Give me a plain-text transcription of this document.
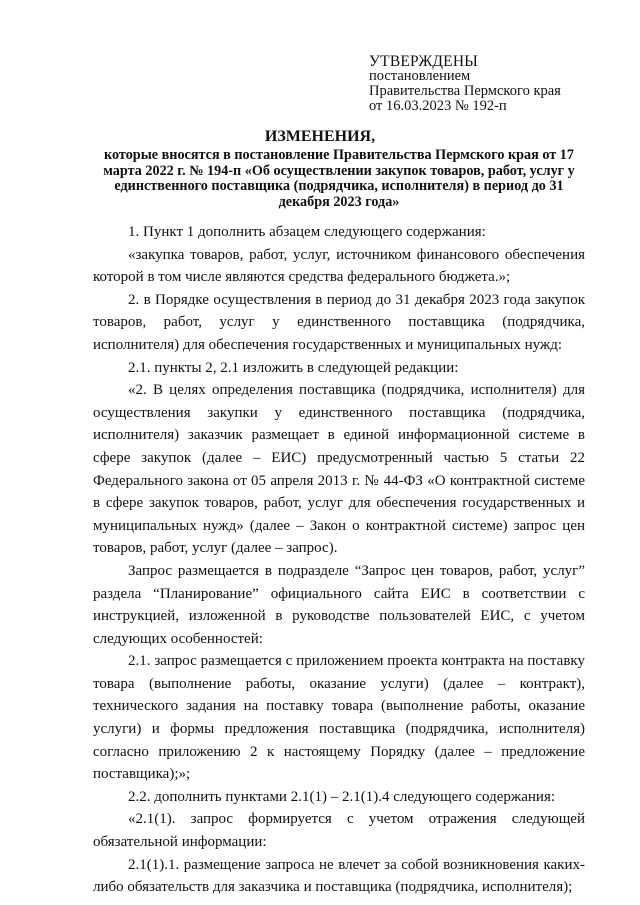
УТВЕРЖДЕНЫ
постановлением
Правительства Пермского края
от 16.03.2023 № 192-п
ИЗМЕНЕНИЯ,
которые вносятся в постановление Правительства Пермского края от 17 марта 2022 г. № 194-п «Об осуществлении закупок товаров, работ, услуг у единственного поставщика (подрядчика, исполнителя) в период до 31 декабря 2023 года»

1. Пункт 1 дополнить абзацем следующего содержания:

«закупка товаров, работ, услуг, источником финансового обеспечения которой в том числе являются средства федерального бюджета.»;

2. в Порядке осуществления в период до 31 декабря 2023 года закупок товаров, работ, услуг у единственного поставщика (подрядчика, исполнителя) для обеспечения государственных и муниципальных нужд:

2.1. пункты 2, 2.1 изложить в следующей редакции:

«2. В целях определения поставщика (подрядчика, исполнителя) для осуществления закупки у единственного поставщика (подрядчика, исполнителя) заказчик размещает в единой информационной системе в сфере закупок (далее – ЕИС) предусмотренный частью 5 статьи 22 Федерального закона от 05 апреля 2013 г. № 44-ФЗ «О контрактной системе в сфере закупок товаров, работ, услуг для обеспечения государственных и муниципальных нужд» (далее – Закон о контрактной системе) запрос цен товаров, работ, услуг (далее – запрос).

Запрос размещается в подразделе “Запрос цен товаров, работ, услуг” раздела “Планирование” официального сайта ЕИС в соответствии с инструкцией, изложенной в руководстве пользователей ЕИС, с учетом следующих особенностей:

2.1. запрос размещается с приложением проекта контракта на поставку товара (выполнение работы, оказание услуги) (далее – контракт), технического задания на поставку товара (выполнение работы, оказание услуги) и формы предложения поставщика (подрядчика, исполнителя) согласно приложению 2 к настоящему Порядку (далее – предложение поставщика);»;

2.2. дополнить пунктами 2.1(1) – 2.1(1).4 следующего содержания:

«2.1(1). запрос формируется с учетом отражения следующей обязательной информации:

2.1(1).1. размещение запроса не влечет за собой возникновения каких-либо обязательств для заказчика и поставщика (подрядчика, исполнителя);
